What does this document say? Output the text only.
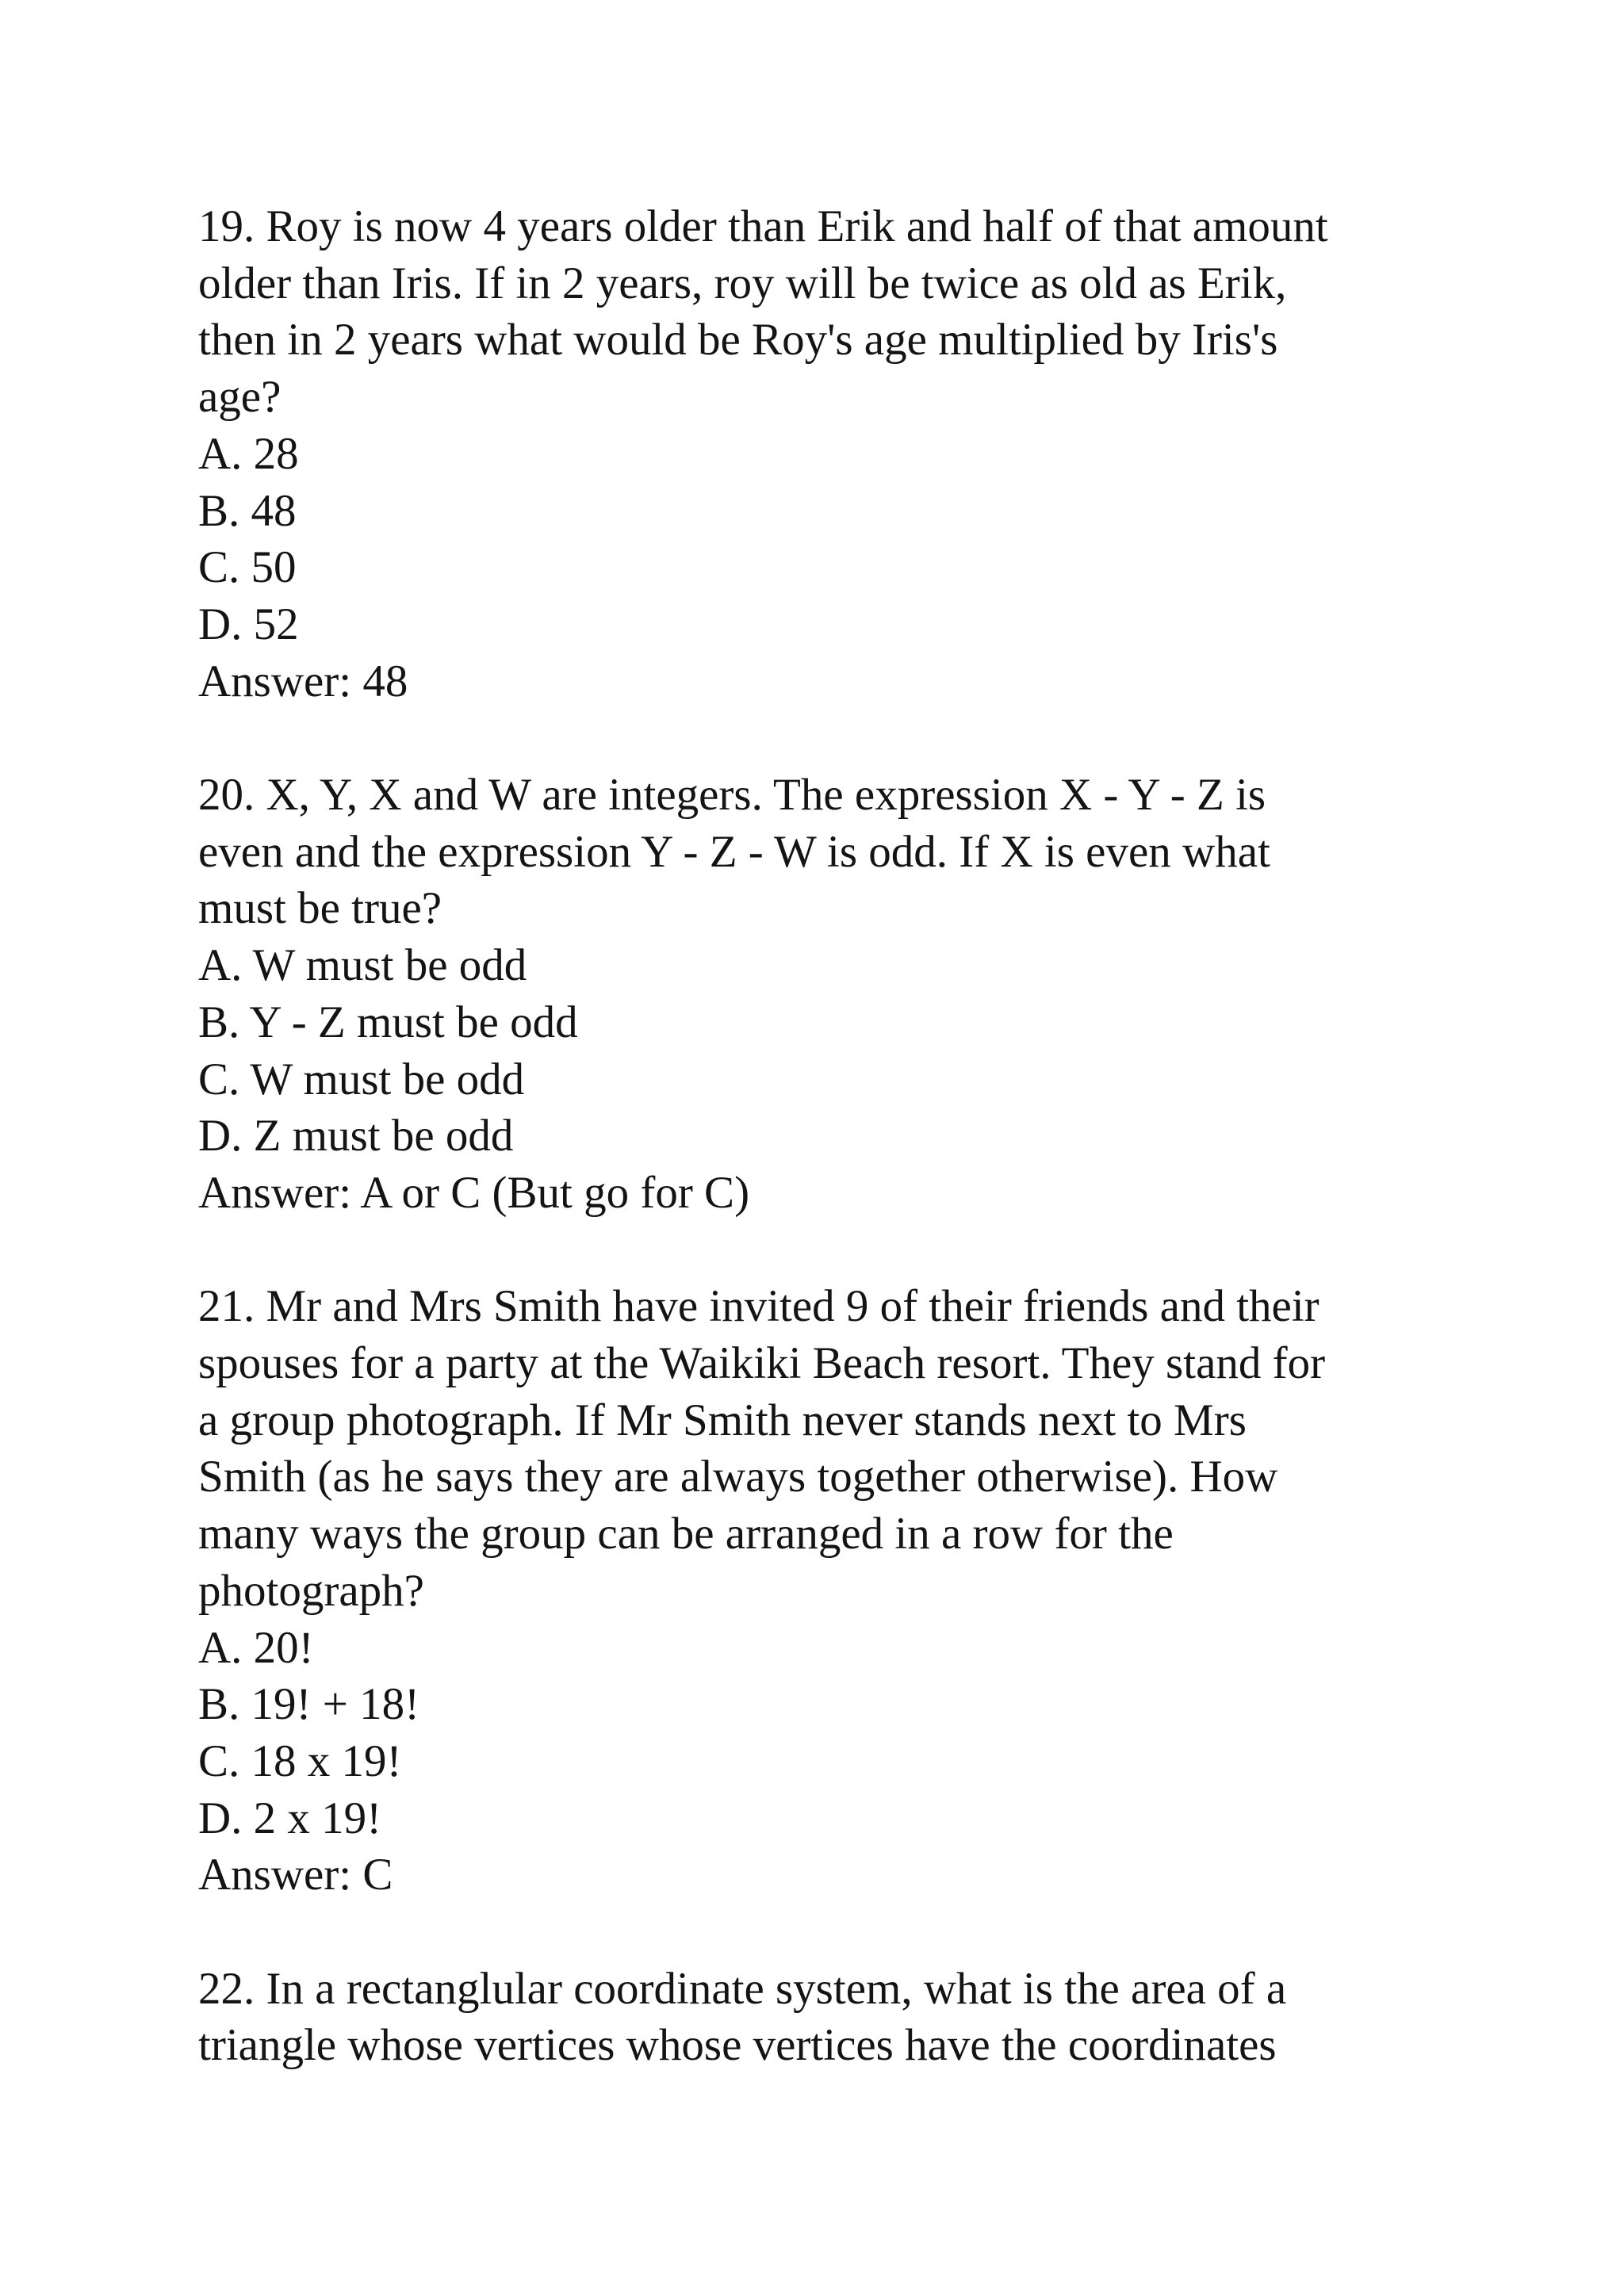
19. Roy is now 4 years older than Erik and half of that amount
older than Iris. If in 2 years, roy will be twice as old as Erik,
then in 2 years what would be Roy's age multiplied by Iris's
age?

A. 28

B. 48

C. 50

D. 52

Answer: 48

20. X, Y, X and W are integers. The expression X - Y - Z is
even and the expression Y - Z - W is odd. If X is even what
must be true?

A. W must be odd

B. Y - Z must be odd

C. W must be odd

D. Z must be odd

Answer: A or C (But go for C)

21. Mr and Mrs Smith have invited 9 of their friends and their
spouses for a party at the Waikiki Beach resort. They stand for
a group photograph. If Mr Smith never stands next to Mrs
Smith (as he says they are always together otherwise). How
many ways the group can be arranged in a row for the
photograph?

A. 20!

B. 19! + 18!

C. 18 x 19!

D. 2 x 19!

Answer: C

22. In a rectanglular coordinate system, what is the area of a
triangle whose vertices whose vertices have the coordinates
